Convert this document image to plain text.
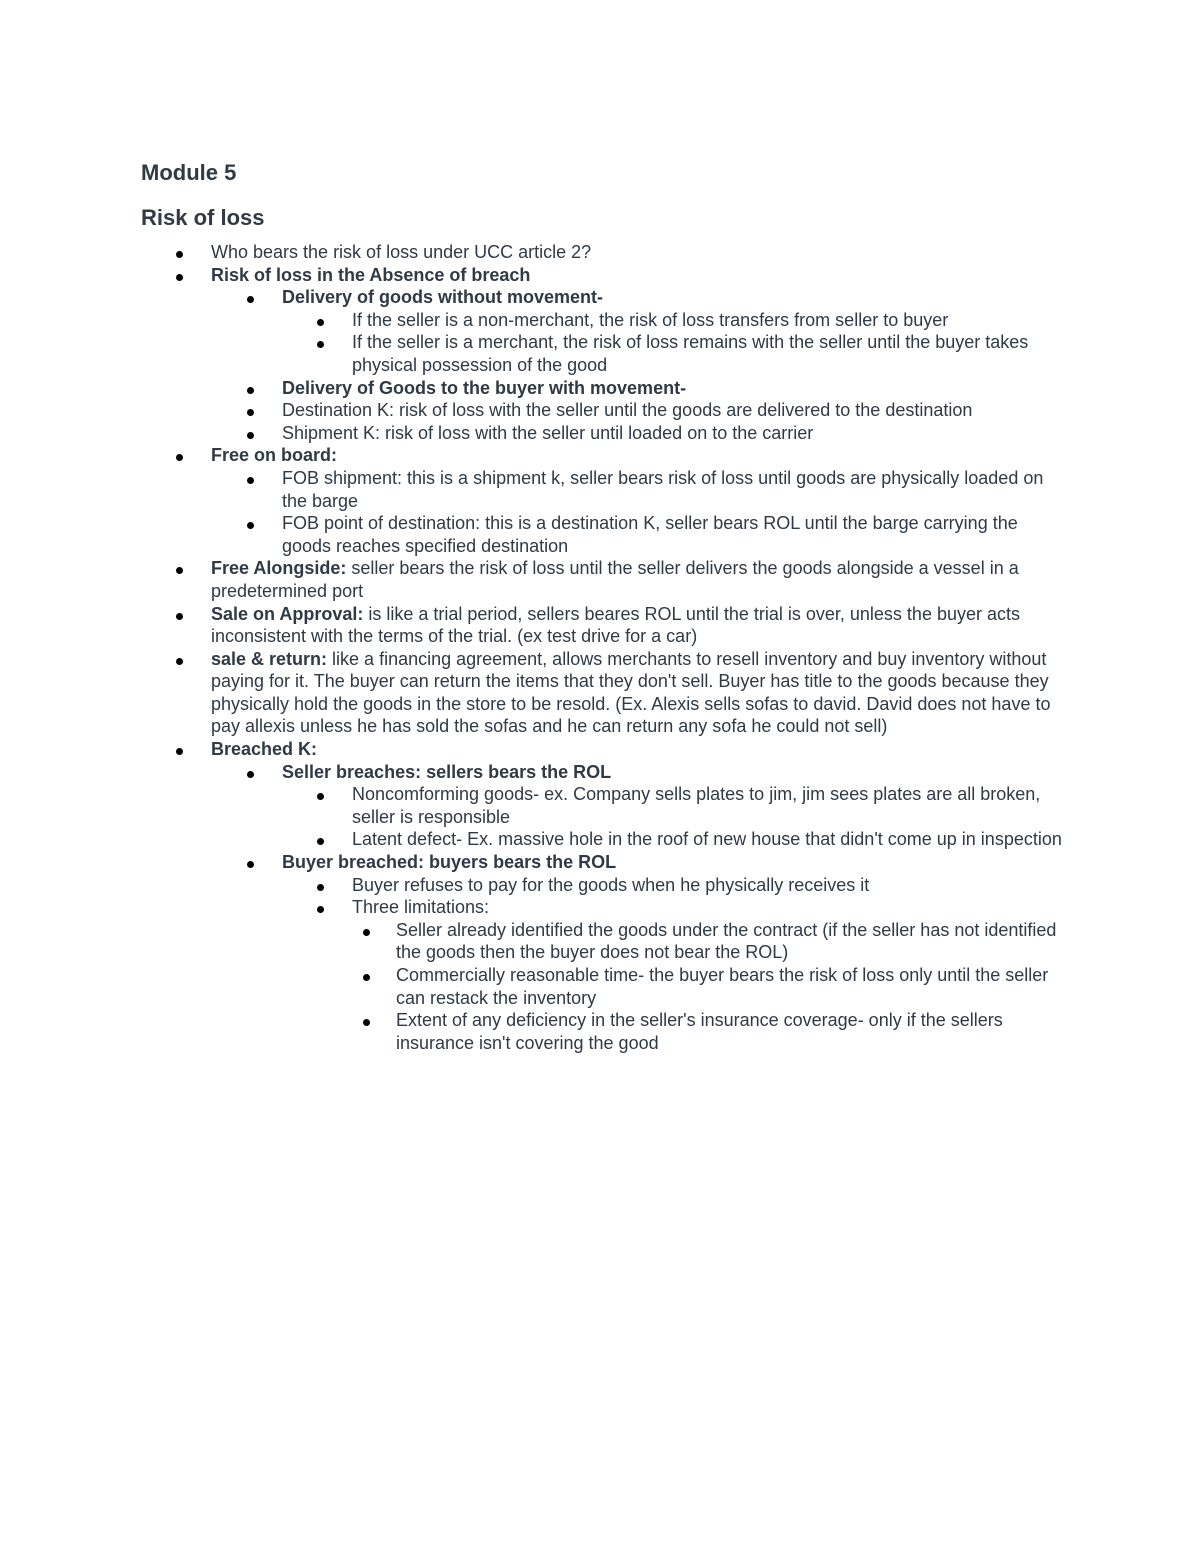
Module 5
Risk of loss
Who bears the risk of loss under UCC article 2?
Risk of loss in the Absence of breach
Delivery of goods without movement-
If the seller is a non-merchant, the risk of loss transfers from seller to buyer
If the seller is a merchant, the risk of loss remains with the seller until the buyer takes physical possession of the good
Delivery of Goods to the buyer with movement-
Destination K: risk of loss with the seller until the goods are delivered to the destination
Shipment K: risk of loss with the seller until loaded on to the carrier
Free on board:
FOB shipment: this is a shipment k, seller bears risk of loss until goods are physically loaded on the barge
FOB point of destination: this is a destination K, seller bears ROL until the barge carrying the goods reaches specified destination
Free Alongside: seller bears the risk of loss until the seller delivers the goods alongside a vessel in a predetermined port
Sale on Approval: is like a trial period, sellers beares ROL until the trial is over, unless the buyer acts inconsistent with the terms of the trial. (ex test drive for a car)
sale & return: like a financing agreement, allows merchants to resell inventory and buy inventory without paying for it. The buyer can return the items that they don't sell. Buyer has title to the goods because they physically hold the goods in the store to be resold. (Ex. Alexis sells sofas to david. David does not have to pay allexis unless he has sold the sofas and he can return any sofa he could not sell)
Breached K:
Seller breaches: sellers bears the ROL
Noncomforming goods- ex. Company sells plates to jim, jim sees plates are all broken, seller is responsible
Latent defect- Ex. massive hole in the roof of new house that didn't come up in inspection
Buyer breached: buyers bears the ROL
Buyer refuses to pay for the goods when he physically receives it
Three limitations:
Seller already identified the goods under the contract (if the seller has not identified the goods then the buyer does not bear the ROL)
Commercially reasonable time- the buyer bears the risk of loss only until the seller can restack the inventory
Extent of any deficiency in the seller's insurance coverage- only if the sellers insurance isn't covering the good
